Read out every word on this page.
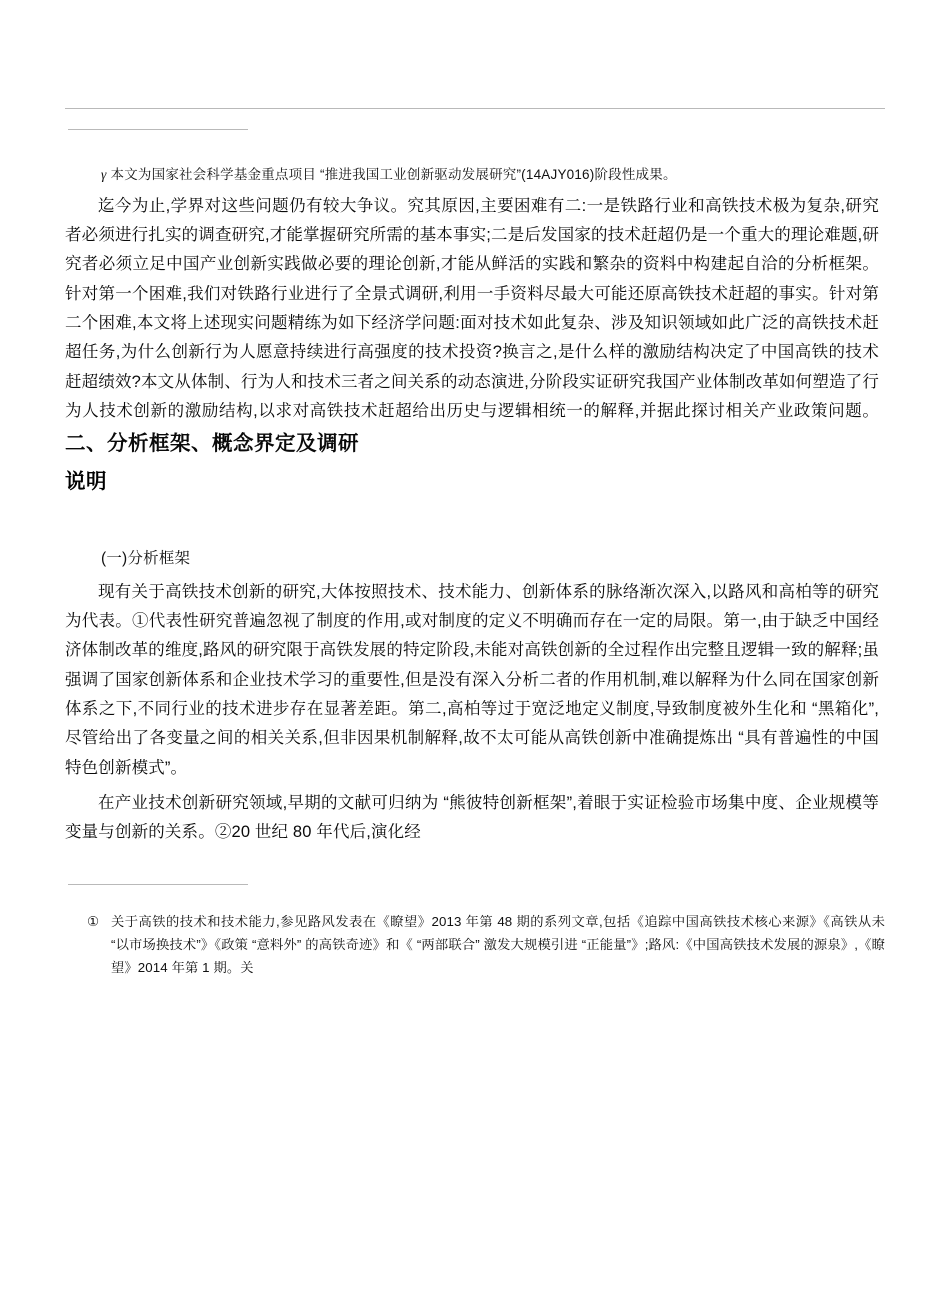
γ 本文为国家社会科学基金重点项目 “推进我国工业创新驱动发展研究”(14AJY016)阶段性成果。

迄今为止,学界对这些问题仍有较大争议。究其原因,主要困难有二:一是铁路行业和高铁技术极为复杂,研究者必须进行扎实的调查研究,才能掌握研究所需的基本事实;二是后发国家的技术赶超仍是一个重大的理论难题,研究者必须立足中国产业创新实践做必要的理论创新,才能从鲜活的实践和繁杂的资料中构建起自洽的分析框架。针对第一个困难,我们对铁路行业进行了全景式调研,利用一手资料尽最大可能还原高铁技术赶超的事实。针对第二个困难,本文将上述现实问题精练为如下经济学问题:面对技术如此复杂、涉及知识领域如此广泛的高铁技术赶超任务,为什么创新行为人愿意持续进行高强度的技术投资?换言之,是什么样的激励结构决定了中国高铁的技术赶超绩效?本文从体制、行为人和技术三者之间关系的动态演进,分阶段实证研究我国产业体制改革如何塑造了行为人技术创新的激励结构,以求对高铁技术赶超给出历史与逻辑相统一的解释,并据此探讨相关产业政策问题。二、分析框架、概念界定及调研

说明
(一)分析框架

现有关于高铁技术创新的研究,大体按照技术、技术能力、创新体系的脉络渐次深入,以路风和高柏等的研究为代表。①代表性研究普遍忽视了制度的作用,或对制度的定义不明确而存在一定的局限。第一,由于缺乏中国经济体制改革的维度,路风的研究限于高铁发展的特定阶段,未能对高铁创新的全过程作出完整且逻辑一致的解释;虽强调了国家创新体系和企业技术学习的重要性,但是没有深入分析二者的作用机制,难以解释为什么同在国家创新体系之下,不同行业的技术进步存在显著差距。第二,高柏等过于宽泛地定义制度,导致制度被外生化和 “黑箱化”,尽管给出了各变量之间的相关关系,但非因果机制解释,故不太可能从高铁创新中准确提炼出 “具有普遍性的中国特色创新模式”。

在产业技术创新研究领域,早期的文献可归纳为 “熊彼特创新框架”,着眼于实证检验市场集中度、企业规模等变量与创新的关系。②20 世纪 80 年代后,演化经

① 关于高铁的技术和技术能力,参见路风发表在《瞭望》2013 年第 48 期的系列文章,包括《追踪中国高铁技术核心来源》《高铁从未 “以市场换技术”》《政策 “意料外” 的高铁奇迹》和《 “两部联合” 激发大规模引进 “正能量”》;路风:《中国高铁技术发展的源泉》,《瞭望》2014 年第 1 期。关
